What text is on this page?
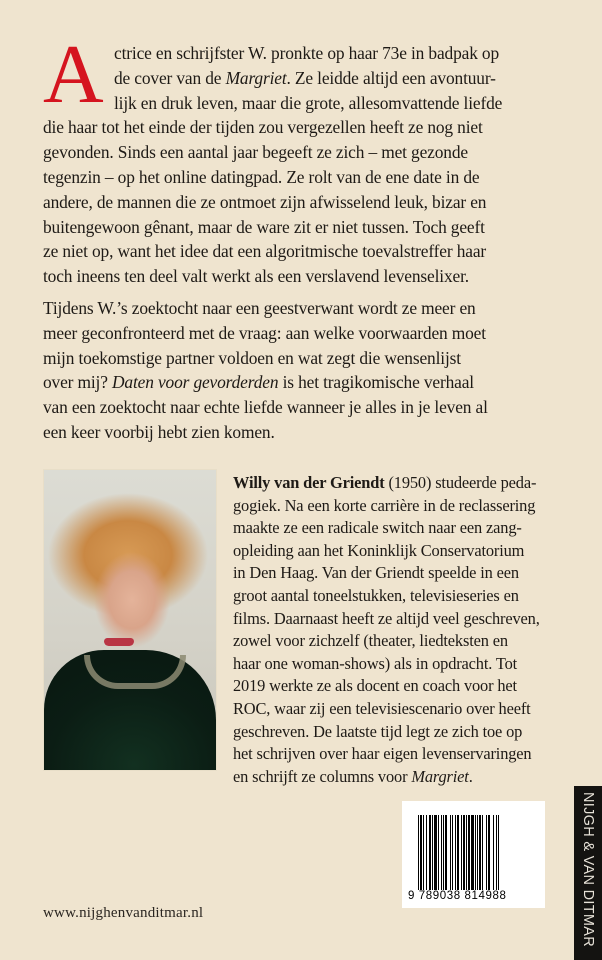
A ctrice en schrijfster W. pronkte op haar 73e in badpak op
de cover van de Margriet. Ze leidde altijd een avontuur-
lijk en druk leven, maar die grote, allesomvattende liefde
die haar tot het einde der tijden zou vergezellen heeft ze nog niet
gevonden. Sinds een aantal jaar begeeft ze zich – met gezonde
tegenzin – op het online datingpad. Ze rolt van de ene date in de
andere, de mannen die ze ontmoet zijn afwisselend leuk, bizar en
buitengewoon gênant, maar de ware zit er niet tussen. Toch geeft
ze niet op, want het idee dat een algoritmische toevalstreffer haar
toch ineens ten deel valt werkt als een verslavend levenselixer.
Tijdens W.’s zoektocht naar een geestverwant wordt ze meer en
meer geconfronteerd met de vraag: aan welke voorwaarden moet
mijn toekomstige partner voldoen en wat zegt die wensenlijst
over mij? Daten voor gevorderden is het tragikomische verhaal
van een zoektocht naar echte liefde wanneer je alles in je leven al
een keer voorbij hebt zien komen.
Willy van der Griendt (1950) studeerde peda-
gogiek. Na een korte carrière in de reclassering
maakte ze een radicale switch naar een zang-
opleiding aan het Koninklijk Conservatorium
in Den Haag. Van der Griendt speelde in een
groot aantal toneelstukken, televisieseries en
films. Daarnaast heeft ze altijd veel geschreven,
zowel voor zichzelf (theater, liedteksten en
haar one woman-shows) als in opdracht. Tot
2019 werkte ze als docent en coach voor het
ROC, waar zij een televisiescenario over heeft
geschreven. De laatste tijd legt ze zich toe op
het schrijven over haar eigen levenservaringen
en schrijft ze columns voor Margriet.
www.nijghenvanditmar.nl
9 789038 814988	NIJGH & VAN DITMAR
